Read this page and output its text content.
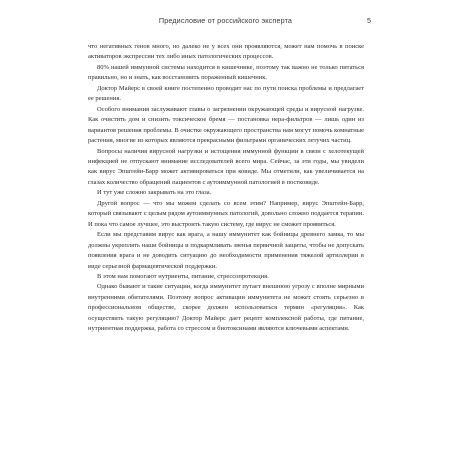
Предисловие от российского эксперта	5

что негативных генов много, но далеко не у всех они проявляются, может нам помочь в поиске активаторов экспрессии тех либо иных патологических процессов.

80% нашей иммунной системы находится в кишечнике, поэтому так важно не только питаться правильно, но и знать, как восстановить пораженный кишечник.

Доктор Майерс в своей книге постепенно проводит нас по пути поиска проблемы и предлагает ее решения.

Особого внимания заслуживают главы о загрязнении окружающей среды и вирусной нагрузке. Как очистить дом и снизить токсическое бремя — постановка нера-фильтров — лишь один из вариантов решения проблемы. В очистке окружающего пространства нам могут помочь комнатные растения, многие из которых являются прекрасными фильтрами органических летучих частиц.

Вопросы наличия вирусной нагрузки и истощения иммунной функции в связи с хелотекущей инфекцией не отпускают внимание исследователей всего мира. Сейчас, за эти годы, мы увидели как вирус Эпштейн-Барр может активироваться при ковиде. Мы отметили, как увеличивается на глазах количество обращений пациентов с аутоиммунной патологией в постковиде.

И тут уже сложно закрывать на это глаза.

Другой вопрос — что мы можем сделать со всем этим? Например, вирус Эпштейн-Барр, который связывают с целым рядом аутоиммунных патологий, довольно сложно поддается терапии. И пока что самое лучшее, это выстроить такую систему, где вирус не сможет проявиться.

Если мы представим вирус как врага, а нашу иммунитет как бойницы древнего замка, то мы должны укреплять наши бойницы и подкармливать звенья первичной защиты, чтобы не допускать появления врага и не доводить ситуацию до необходимости применения тяжелой артиллерии в виде серьезной фармацевтической поддержки.

В этом нам помогают нутриенты, питание, стрессопротекция.

Однако бывают и такие ситуации, когда иммунитет путает внешнюю угрозу с вполне мирными внутренними обитателями. Поэтому вопрос активации иммунитета не может стоять серьезно в профессиональном обществе, скорее должен использоваться термин «регуляция». Как осуществить такую регуляцию? Доктор Майерс дает рецепт комплексной работы, где питание, нутриентная поддержка, работа со стрессом и биотоксинами являются ключевыми аспектами.
